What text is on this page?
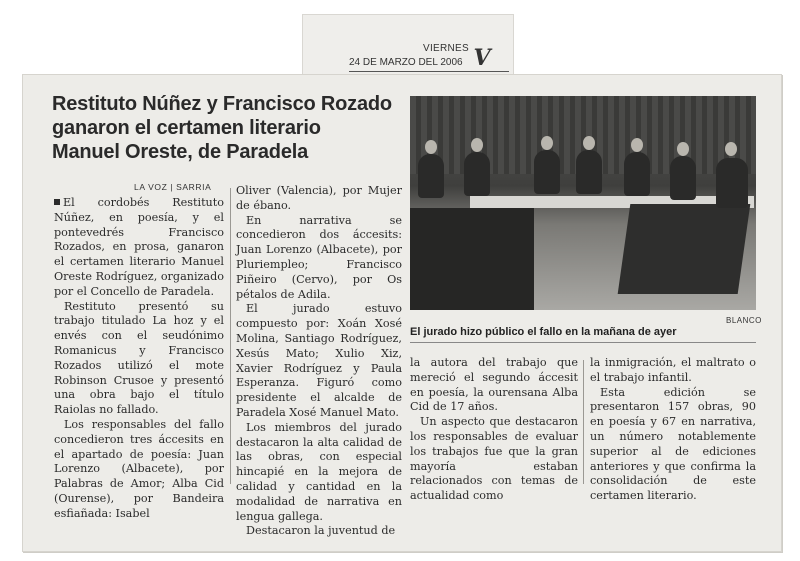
VIERNES
24 DE MARZO DEL 2006 V
Restituto Núñez y Francisco Rozado
ganaron el certamen literario
Manuel Oreste, de Paradela
LA VOZ | SARRIA
BLANCO
El jurado hizo público el fallo en la mañana de ayer

El cordobés Restituto Núñez, en poesía, y el pontevedrés Francisco Rozados, en prosa, ganaron el certamen literario Manuel Oreste Rodríguez, organizado por el Concello de Paradela.

Restituto presentó su trabajo titulado La hoz y el envés con el seudónimo Romanicus y Francisco Rozados utilizó el mote Robinson Crusoe y presentó una obra bajo el título Raiolas no fallado.

Los responsables del fallo concedieron tres áccesits en el apartado de poesía: Juan Lorenzo (Albacete), por Palabras de Amor; Alba Cid (Ourense), por Bandeira esfiañada: Isabel

Oliver (Valencia), por Mujer de ébano.

En narrativa se concedieron dos áccesits: Juan Lorenzo (Albacete), por Pluriempleo; Francisco Piñeiro (Cervo), por Os pétalos de Adila.

El jurado estuvo compuesto por: Xoán Xosé Molina, Santiago Rodríguez, Xesús Mato; Xulio Xiz, Xavier Rodríguez y Paula Esperanza. Figuró como presidente el alcalde de Paradela Xosé Manuel Mato.

Los miembros del jurado destacaron la alta calidad de las obras, con especial hincapié en la mejora de calidad y cantidad en la modalidad de narrativa en lengua gallega.

Destacaron la juventud de

la autora del trabajo que mereció el segundo áccesit en poesía, la ourensana Alba Cid de 17 años.

Un aspecto que destacaron los responsables de evaluar los trabajos fue que la gran mayoría estaban relacionados con temas de actualidad como

la inmigración, el maltrato o el trabajo infantil.

Esta edición se presentaron 157 obras, 90 en poesía y 67 en narrativa, un número notablemente superior al de ediciones anteriores y que confirma la consolidación de este certamen literario.
